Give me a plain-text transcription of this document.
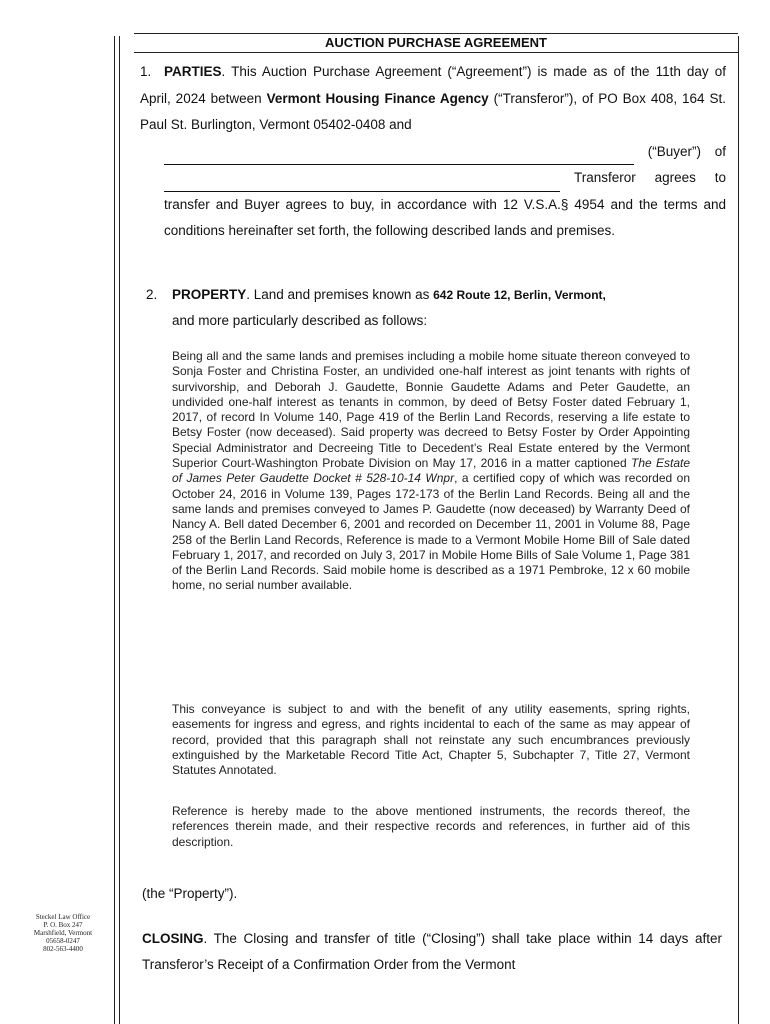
Steckel Law Office
P. O. Box 247
Marshfield, Vermont
05658-0247
802-563-4400
AUCTION PURCHASE AGREEMENT
1. PARTIES. This Auction Purchase Agreement (“Agreement”) is made as of the 11th day of April, 2024 between Vermont Housing Finance Agency (“Transferor”), of PO Box 408, 164 St. Paul St. Burlington, Vermont 05402-0408 and
(“Buyer”) of
Transferor agrees to
transfer and Buyer agrees to buy, in accordance with 12 V.S.A.§ 4954 and the terms and conditions hereinafter set forth, the following described lands and premises.
2. PROPERTY. Land and premises known as 642 Route 12, Berlin, Vermont,
and more particularly described as follows:
Being all and the same lands and premises including a mobile home situate thereon conveyed to Sonja Foster and Christina Foster, an undivided one-half interest as joint tenants with rights of survivorship, and Deborah J. Gaudette, Bonnie Gaudette Adams and Peter Gaudette, an undivided one-half interest as tenants in common, by deed of Betsy Foster dated February 1, 2017, of record In Volume 140, Page 419 of the Berlin Land Records, reserving a life estate to Betsy Foster (now deceased). Said property was decreed to Betsy Foster by Order Appointing Special Administrator and Decreeing Title to Decedent’s Real Estate entered by the Vermont Superior Court-Washington Probate Division on May 17, 2016 in a matter captioned The Estate of James Peter Gaudette Docket # 528-10-14 Wnpr, a certified copy of which was recorded on October 24, 2016 in Volume 139, Pages 172-173 of the Berlin Land Records. Being all and the same lands and premises conveyed to James P. Gaudette (now deceased) by Warranty Deed of Nancy A. Bell dated December 6, 2001 and recorded on December 11, 2001 in Volume 88, Page 258 of the Berlin Land Records, Reference is made to a Vermont Mobile Home Bill of Sale dated February 1, 2017, and recorded on July 3, 2017 in Mobile Home Bills of Sale Volume 1, Page 381 of the Berlin Land Records. Said mobile home is described as a 1971 Pembroke, 12 x 60 mobile home, no serial number available.
This conveyance is subject to and with the benefit of any utility easements, spring rights, easements for ingress and egress, and rights incidental to each of the same as may appear of record, provided that this paragraph shall not reinstate any such encumbrances previously extinguished by the Marketable Record Title Act, Chapter 5, Subchapter 7, Title 27, Vermont Statutes Annotated.
Reference is hereby made to the above mentioned instruments, the records thereof, the references therein made, and their respective records and references, in further aid of this description.
(the “Property”).
CLOSING. The Closing and transfer of title (“Closing”) shall take place within 14 days after Transferor’s Receipt of a Confirmation Order from the Vermont
